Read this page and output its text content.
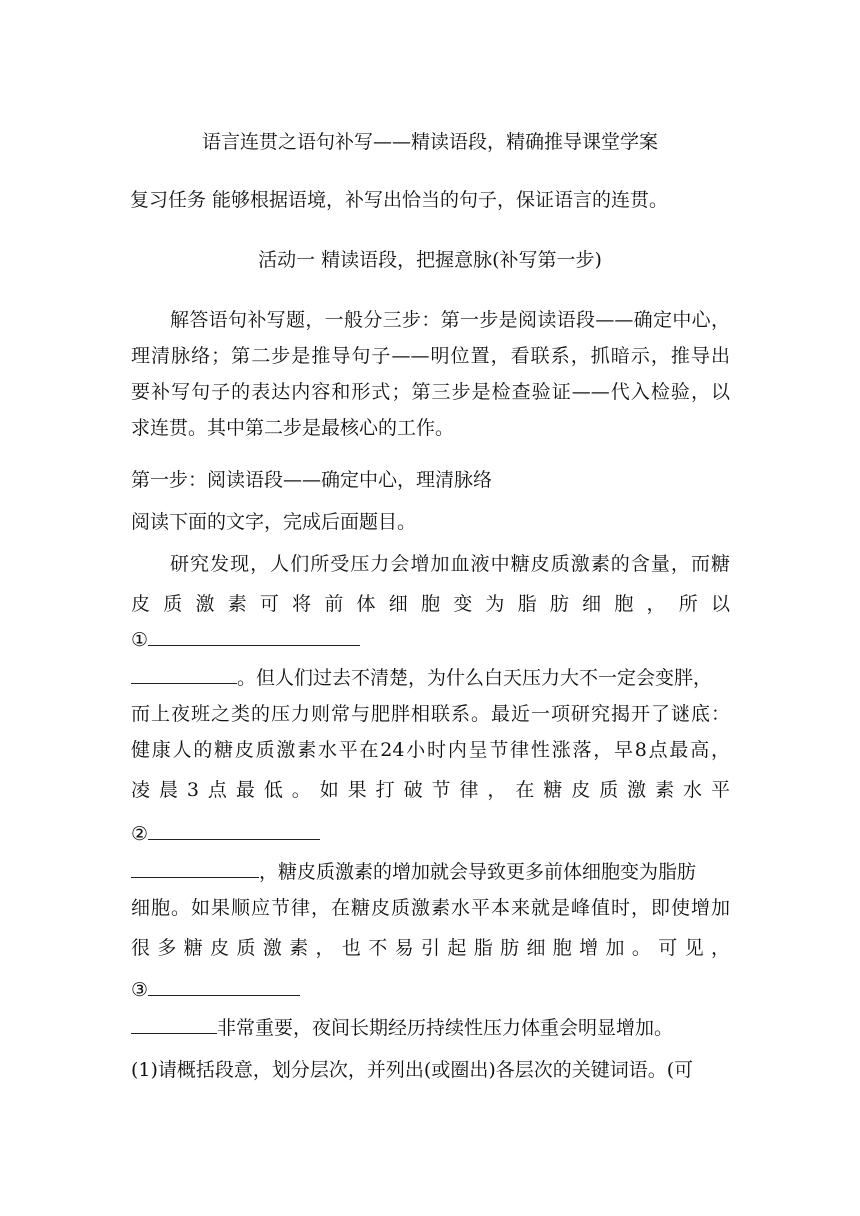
语言连贯之语句补写——精读语段，精确推导课堂学案
复习任务 能够根据语境，补写出恰当的句子，保证语言的连贯。
活动一 精读语段，把握意脉(补写第一步)
解答语句补写题，一般分三步：第一步是阅读语段——确定中心，
理清脉络；第二步是推导句子——明位置，看联系，抓暗示，推导出
要补写句子的表达内容和形式；第三步是检查验证——代入检验，以
求连贯。其中第二步是最核心的工作。
第一步：阅读语段——确定中心，理清脉络
阅读下面的文字，完成后面题目。
研究发现，人们所受压力会增加血液中糖皮质激素的含量，而糖
皮质激素可将前体细胞变为脂肪细胞，所以
①
。但人们过去不清楚，为什么白天压力大不一定会变胖，
而上夜班之类的压力则常与肥胖相联系。最近一项研究揭开了谜底：
健康人的糖皮质激素水平在24小时内呈节律性涨落，早8点最高，
凌晨3点最低。如果打破节律，在糖皮质激素水平
②
，糖皮质激素的增加就会导致更多前体细胞变为脂肪
细胞。如果顺应节律，在糖皮质激素水平本来就是峰值时，即使增加
很多糖皮质激素，也不易引起脂肪细胞增加。可见，
③
非常重要，夜间长期经历持续性压力体重会明显增加。
(1)请概括段意，划分层次，并列出(或圈出)各层次的关键词语。(可
